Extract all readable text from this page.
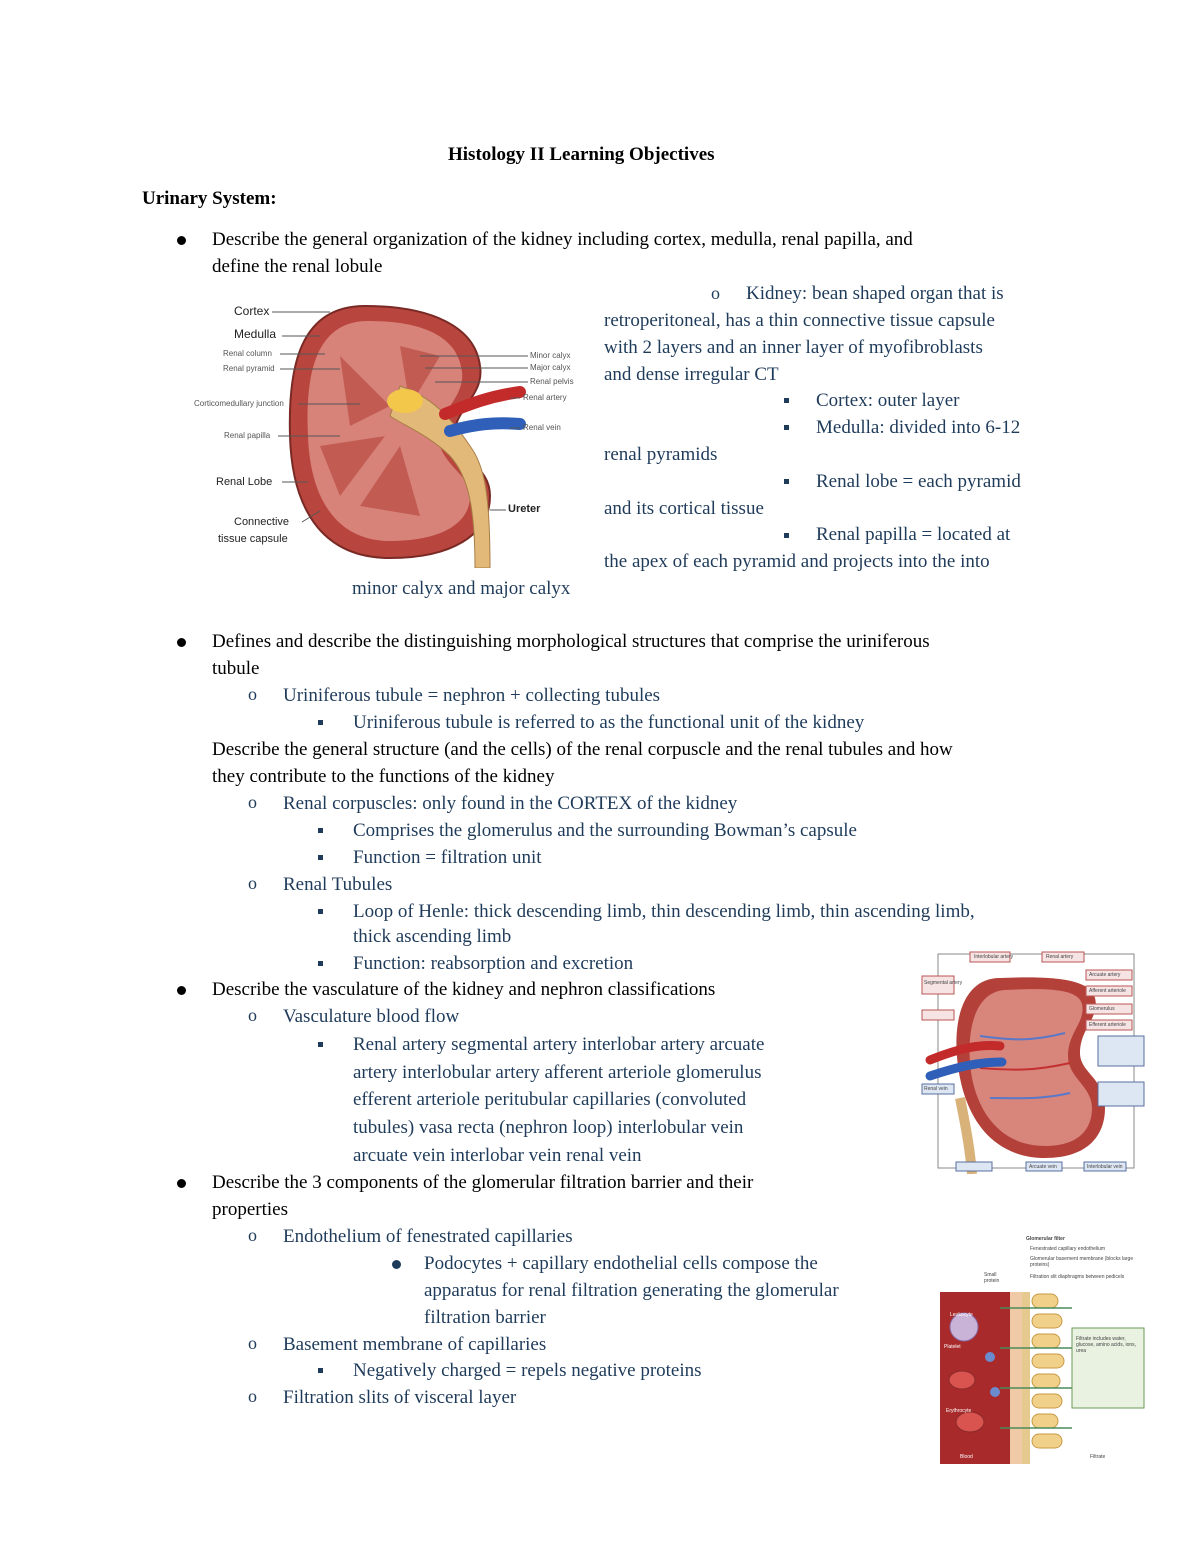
Histology II Learning Objectives
Urinary System:
Describe the general organization of the kidney including cortex, medulla, renal papilla, and
define the renal lobule
Cortex
Medulla
Renal column
Renal pyramid
Corticomedullary junction
Renal papilla
Renal Lobe
Connective
tissue capsule
Minor calyx
Major calyx
Renal pelvis
Renal artery
Renal vein
Ureter
o Kidney: bean shaped organ that is
retroperitoneal, has a thin connective tissue capsule
with 2 layers and an inner layer of myofibroblasts
and dense irregular CT
Cortex: outer layer
Medulla: divided into 6-12
renal pyramids
Renal lobe = each pyramid
and its cortical tissue
Renal papilla = located at
the apex of each pyramid and projects into the into
minor calyx and major calyx
Defines and describe the distinguishing morphological structures that comprise the uriniferous
tubule
o Uriniferous tubule = nephron + collecting tubules
Uriniferous tubule is referred to as the functional unit of the kidney
Describe the general structure (and the cells) of the renal corpuscle and the renal tubules and how
they contribute to the functions of the kidney
o Renal corpuscles: only found in the CORTEX of the kidney
Comprises the glomerulus and the surrounding Bowman’s capsule
Function = filtration unit
o Renal Tubules
Loop of Henle: thick descending limb, thin descending limb, thin ascending limb,
thick ascending limb
Function: reabsorption and excretion
Describe the vasculature of the kidney and nephron classifications
o Vasculature blood flow
Renal artery segmental artery interlobar artery arcuate
artery interlobular artery afferent arteriole glomerulus
efferent arteriole peritubular capillaries (convoluted
tubules) vasa recta (nephron loop) interlobular vein
arcuate vein interlobar vein renal vein
Interlobular artery	Renal artery
Arcuate artery
Afferent arteriole
Glomerulus
Efferent arteriole
Segmental artery
Renal vein
Arcuate vein	Interlobular vein
Describe the 3 components of the glomerular filtration barrier and their
properties
o Endothelium of fenestrated capillaries
Podocytes + capillary endothelial cells compose the
apparatus for renal filtration generating the glomerular
filtration barrier
o Basement membrane of capillaries
Negatively charged = repels negative proteins
o Filtration slits of visceral layer
Glomerular filter
Fenestrated capillary endothelium
Glomerular basement membrane (blocks large proteins)
Filtration slit diaphragms between pedicels
Small protein
Leukocyte
Platelet
Erythrocyte
Filtrate includes water, glucose, amino acids, ions, urea
Blood	Filtrate
